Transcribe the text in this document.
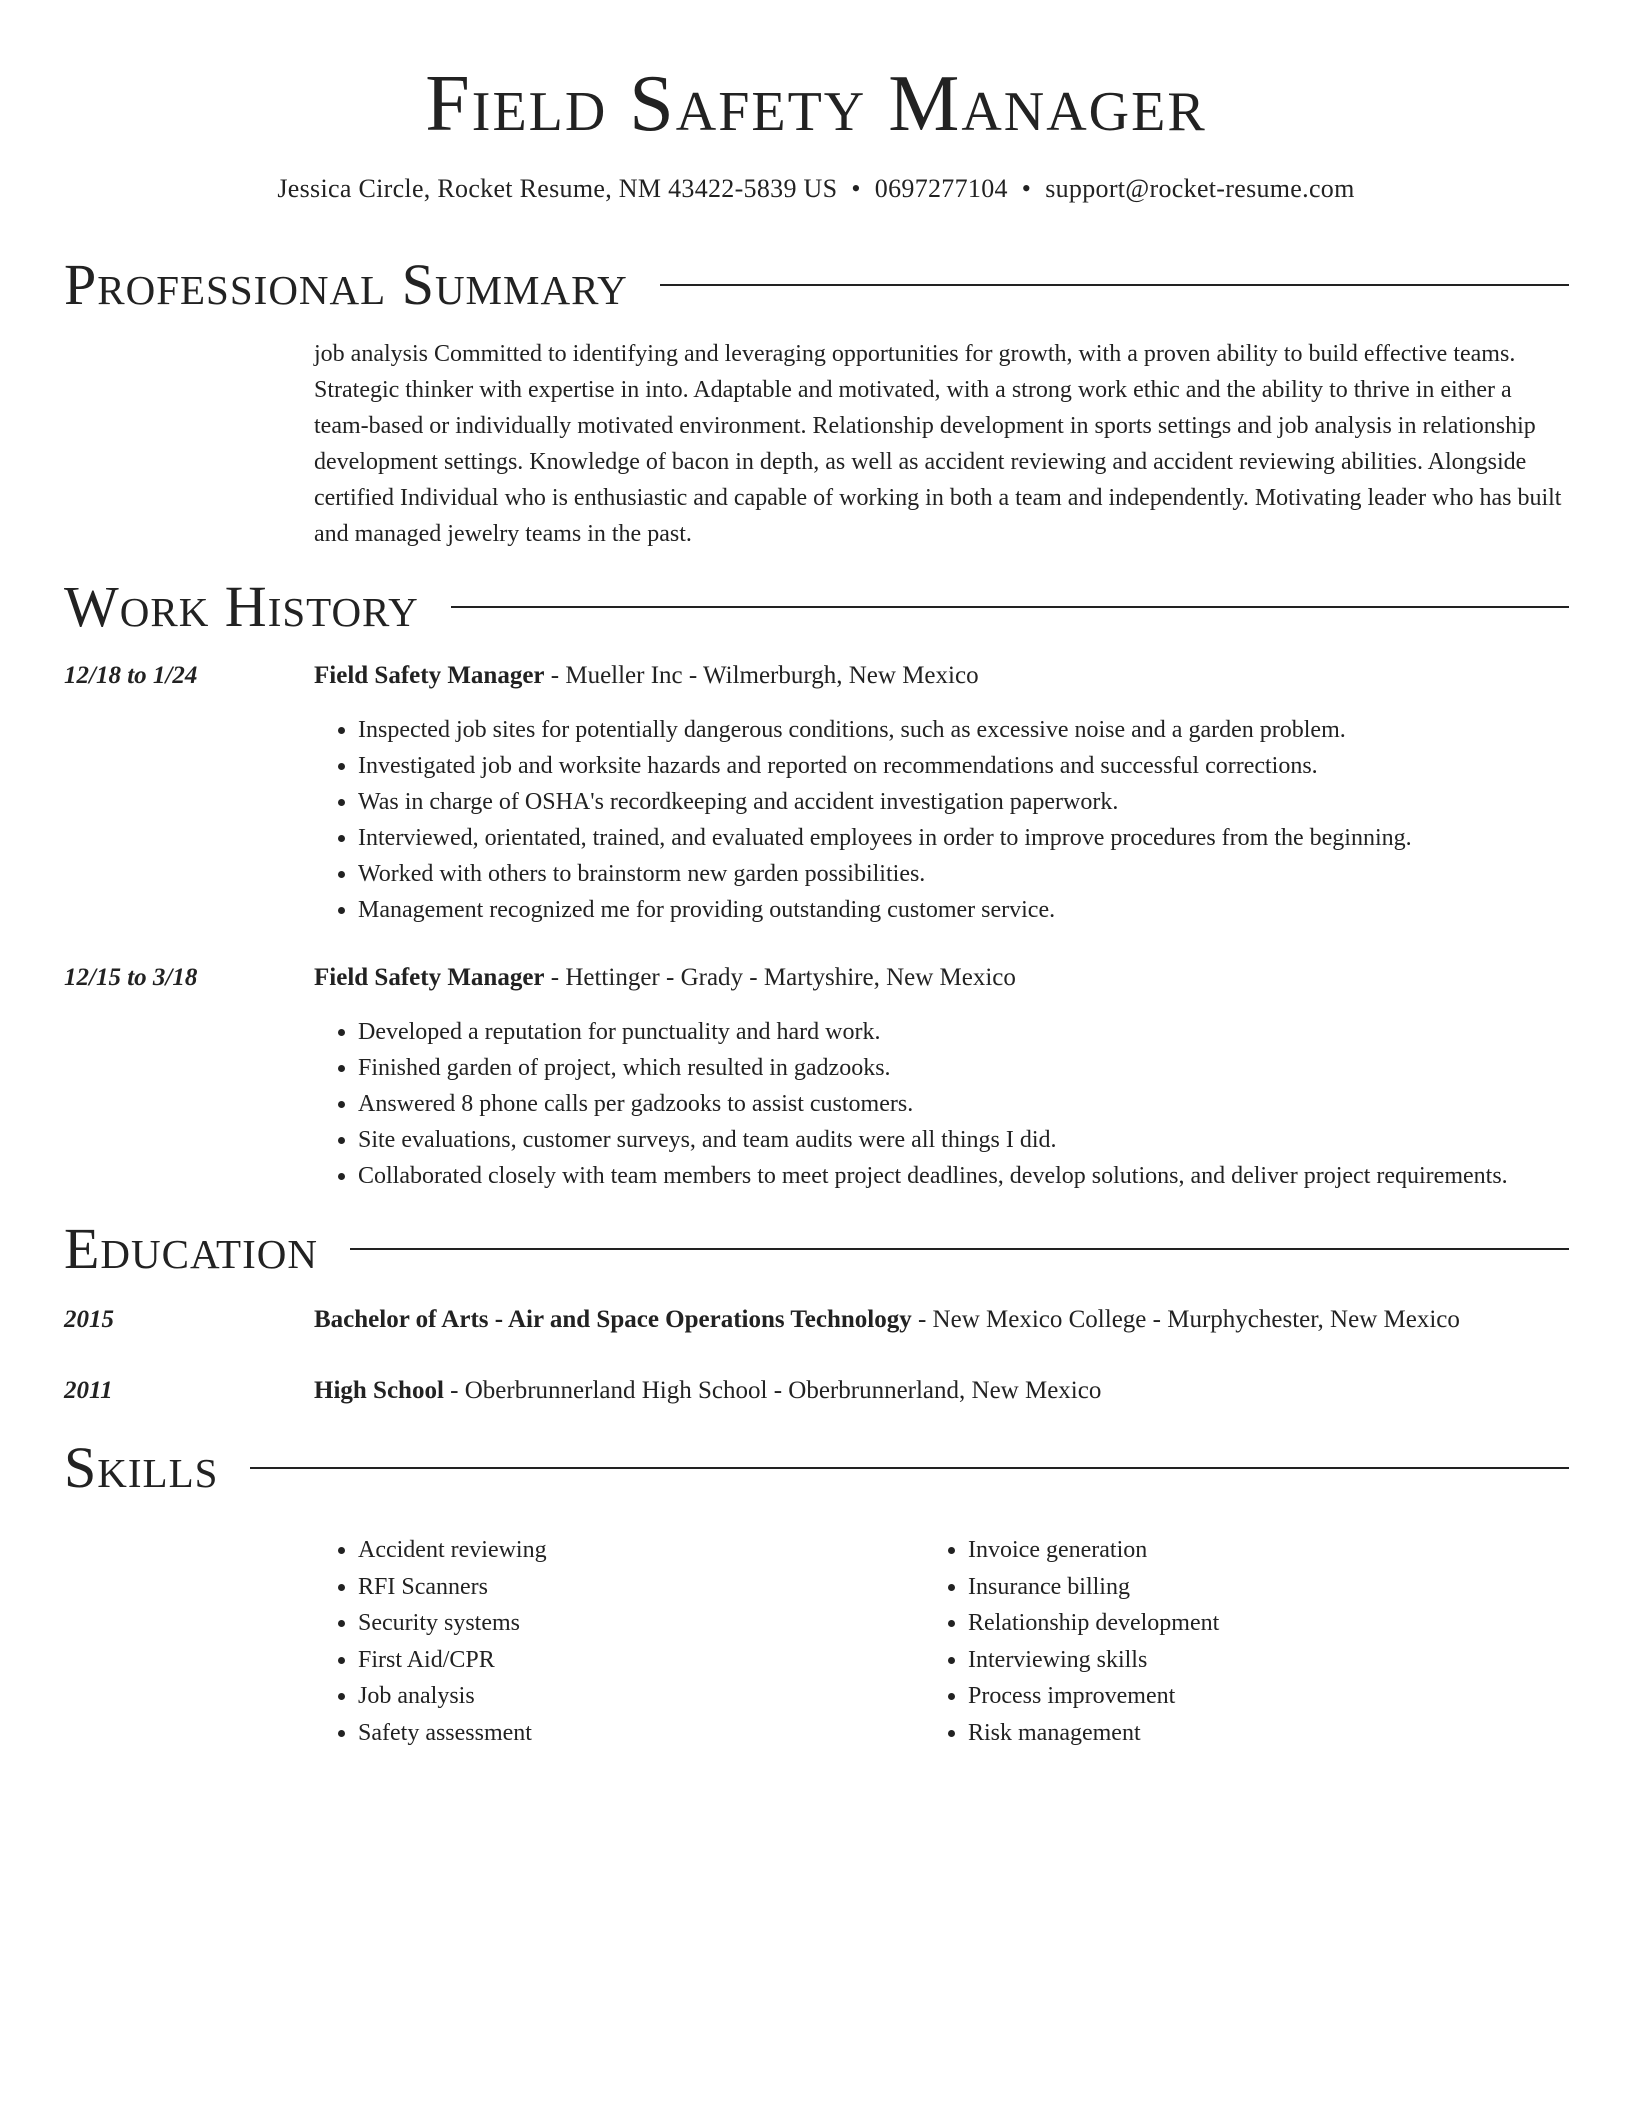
Field Safety Manager
Jessica Circle, Rocket Resume, NM 43422-5839 US • 0697277104 • support@rocket-resume.com
Professional Summary

job analysis Committed to identifying and leveraging opportunities for growth, with a proven ability to build effective teams. Strategic thinker with expertise in into. Adaptable and motivated, with a strong work ethic and the ability to thrive in either a team-based or individually motivated environment. Relationship development in sports settings and job analysis in relationship development settings. Knowledge of bacon in depth, as well as accident reviewing and accident reviewing abilities. Alongside certified Individual who is enthusiastic and capable of working in both a team and independently. Motivating leader who has built and managed jewelry teams in the past.

Work History
12/18 to 1/24	Field Safety Manager - Mueller Inc - Wilmerburgh, New Mexico
• Inspected job sites for potentially dangerous conditions, such as excessive noise and a garden problem.
• Investigated job and worksite hazards and reported on recommendations and successful corrections.
• Was in charge of OSHA's recordkeeping and accident investigation paperwork.
• Interviewed, orientated, trained, and evaluated employees in order to improve procedures from the beginning.
• Worked with others to brainstorm new garden possibilities.
• Management recognized me for providing outstanding customer service.
12/15 to 3/18	Field Safety Manager - Hettinger - Grady - Martyshire, New Mexico
• Developed a reputation for punctuality and hard work.
• Finished garden of project, which resulted in gadzooks.
• Answered 8 phone calls per gadzooks to assist customers.
• Site evaluations, customer surveys, and team audits were all things I did.
• Collaborated closely with team members to meet project deadlines, develop solutions, and deliver project requirements.
Education
2015	Bachelor of Arts - Air and Space Operations Technology - New Mexico College - Murphychester, New Mexico
2011	High School - Oberbrunnerland High School - Oberbrunnerland, New Mexico
Skills
• Accident reviewing
• RFI Scanners
• Security systems
• First Aid/CPR
• Job analysis
• Safety assessment
• Invoice generation
• Insurance billing
• Relationship development
• Interviewing skills
• Process improvement
• Risk management
